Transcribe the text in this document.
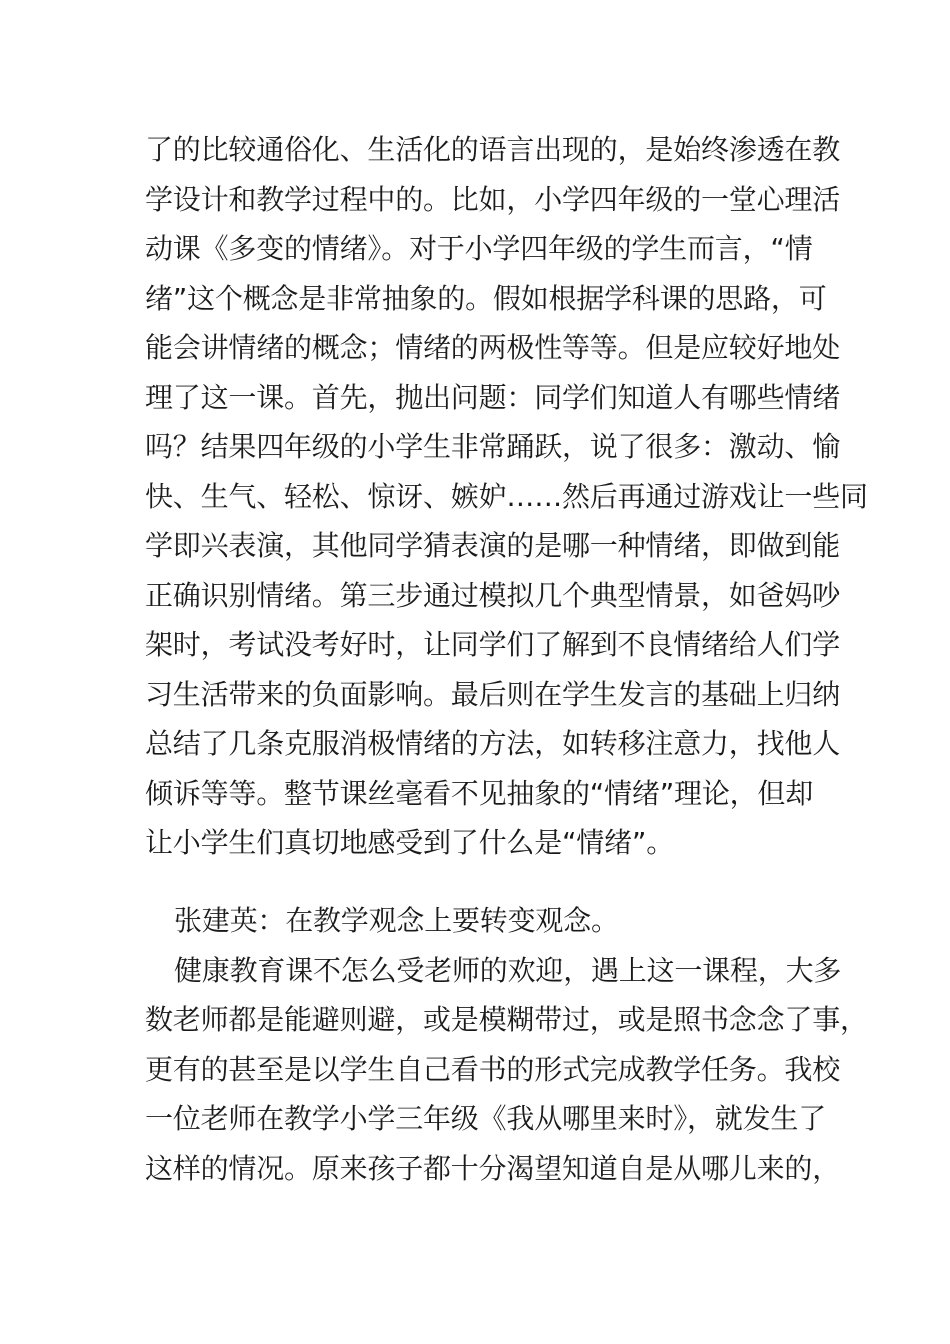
了的比较通俗化、生活化的语言出现的，是始终渗透在教
学设计和教学过程中的。比如，小学四年级的一堂心理活
动课《多变的情绪》。对于小学四年级的学生而言，“情
绪”这个概念是非常抽象的。假如根据学科课的思路，可
能会讲情绪的概念；情绪的两极性等等。但是应较好地处
理了这一课。首先，抛出问题：同学们知道人有哪些情绪
吗？结果四年级的小学生非常踊跃，说了很多：激动、愉
快、生气、轻松、惊讶、嫉妒……然后再通过游戏让一些同
学即兴表演，其他同学猜表演的是哪一种情绪，即做到能
正确识别情绪。第三步通过模拟几个典型情景，如爸妈吵
架时，考试没考好时，让同学们了解到不良情绪给人们学
习生活带来的负面影响。最后则在学生发言的基础上归纳
总结了几条克服消极情绪的方法，如转移注意力，找他人
倾诉等等。整节课丝毫看不见抽象的“情绪”理论，但却
让小学生们真切地感受到了什么是“情绪”。
张建英：在教学观念上要转变观念。
健康教育课不怎么受老师的欢迎，遇上这一课程，大多
数老师都是能避则避，或是模糊带过，或是照书念念了事，
更有的甚至是以学生自己看书的形式完成教学任务。我校
一位老师在教学小学三年级《我从哪里来时》，就发生了
这样的情况。原来孩子都十分渴望知道自是从哪儿来的，
